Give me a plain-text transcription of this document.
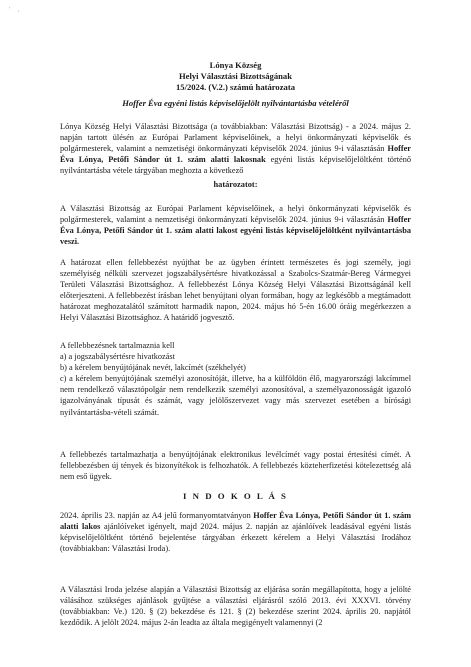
' ,
Lónya Község
Helyi Választási Bizottságának
15/2024. (V.2.) számú határozata
Hoffer Éva egyéni listás képviselőjelölt nyilvántartásba vételéről

Lónya Község Helyi Választási Bizottsága (a továbbiakban: Választási Bizottság) - a 2024. május 2. napján tartott ülésén az Európai Parlament képviselőinek, a helyi önkormányzati képviselők és polgármesterek, valamint a nemzetiségi önkormányzati képviselők 2024. június 9-i választásán Hoffer Éva Lónya, Petőfi Sándor út 1. szám alatti lakosnak egyéni listás képviselőjelöltként történő nyilvántartásba vétele tárgyában meghozta a következő

határozatot:

A Választási Bizottság az Európai Parlament képviselőinek, a helyi önkormányzati képviselők és polgármesterek, valamint a nemzetiségi önkormányzati képviselők 2024. június 9-i választásán Hoffer Éva Lónya, Petőfi Sándor út 1. szám alatti lakost egyéni listás képviselőjelöltként nyilvántartásba veszi.

A határozat ellen fellebbezést nyújthat be az ügyben érintett természetes és jogi személy, jogi személyiség nélküli szervezet jogszabálysértésre hivatkozással a Szabolcs-Szatmár-Bereg Vármegyei Területi Választási Bizottsághoz. A fellebbezést Lónya Község Helyi Választási Bizottságánál kell előterjeszteni. A fellebbezést írásban lehet benyújtani olyan formában, hogy az legkésőbb a megtámadott határozat meghozatalától számított harmadik napon, 2024. május hó 5-én 16.00 óráig megérkezzen a Helyi Választási Bizottsághoz. A határidő jogvesztő.

A fellebbezésnek tartalmaznia kell
a) a jogszabálysértésre hivatkozást
b) a kérelem benyújtójának nevét, lakcímét (székhelyét)
c) a kérelem benyújtójának személyi azonosítóját, illetve, ha a külföldön élő, magyarországi lakcímmel nem rendelkező választópolgár nem rendelkezik személyi azonosítóval, a személyazonosságát igazoló igazolványának típusát és számát, vagy jelölőszervezet vagy más szervezet esetében a bírósági nyilvántartásba-vételi számát.

A fellebbezés tartalmazhatja a benyújtójának elektronikus levélcímét vagy postai értesítési címét. A fellebbezésben új tények és bizonyítékok is felhozhatók. A fellebbezés közteherfizetési kötelezettség alá nem eső ügyek.

I N D O K O L Á S

2024. április 23. napján az A4 jelű formanyomtatványon Hoffer Éva Lónya, Petőfi Sándor út 1. szám alatti lakos ajánlóíveket igényelt, majd 2024. május 2. napján az ajánlóívek leadásával egyéni listás képviselőjelöltként történő bejelentése tárgyában érkezett kérelem a Helyi Választási Irodához (továbbiakban: Választási Iroda).

A Választási Iroda jelzése alapján a Választási Bizottság az eljárása során megállapította, hogy a jelölté válásához szükséges ajánlások gyűjtése a választási eljárásról szóló 2013. évi XXXVI. törvény (továbbiakban: Ve.) 120. § (2) bekezdése és 121. § (2) bekezdése szerint 2024. április 20. napjától kezdődik. A jelölt 2024. május 2-án leadta az általa megigényelt valamennyi (2
